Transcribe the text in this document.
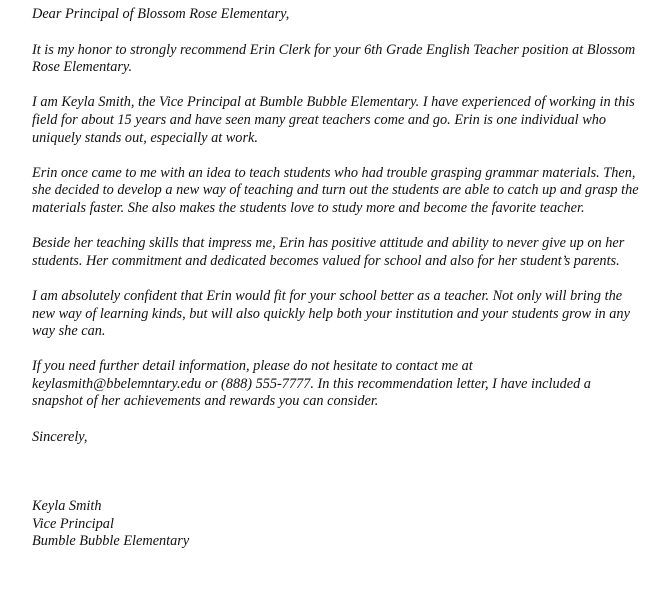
Dear Principal of Blossom Rose Elementary,

It is my honor to strongly recommend Erin Clerk for your 6th Grade English Teacher position at Blossom Rose Elementary.

I am Keyla Smith, the Vice Principal at Bumble Bubble Elementary. I have experienced of working in this field for about 15 years and have seen many great teachers come and go. Erin is one individual who uniquely stands out, especially at work.

Erin once came to me with an idea to teach students who had trouble grasping grammar materials. Then, she decided to develop a new way of teaching and turn out the students are able to catch up and grasp the materials faster. She also makes the students love to study more and become the favorite teacher.

Beside her teaching skills that impress me, Erin has positive attitude and ability to never give up on her students. Her commitment and dedicated becomes valued for school and also for her student’s parents.

I am absolutely confident that Erin would fit for your school better as a teacher. Not only will bring the new way of learning kinds, but will also quickly help both your institution and your students grow in any way she can.

If you need further detail information, please do not hesitate to contact me at keylasmith@bbelemntary.edu or (888) 555-7777. In this recommendation letter, I have included a snapshot of her achievements and rewards you can consider.

Sincerely,

Keyla Smith
Vice Principal
Bumble Bubble Elementary
